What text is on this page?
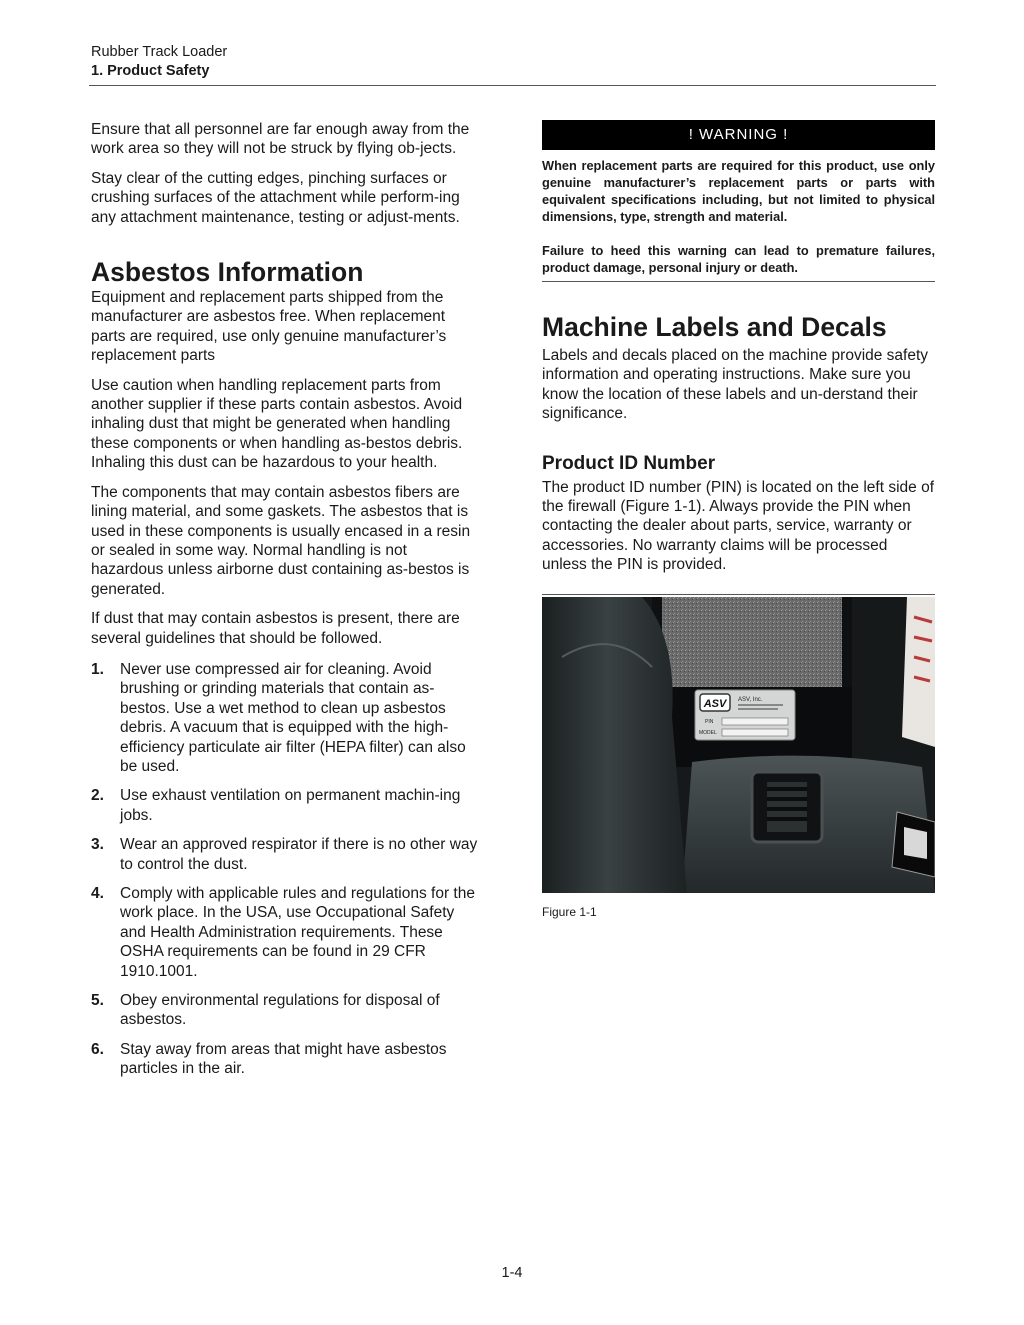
Rubber Track Loader
1. Product Safety

Ensure that all personnel are far enough away from the work area so they will not be struck by flying ob-jects.

Stay clear of the cutting edges, pinching surfaces or crushing surfaces of the attachment while perform-ing any attachment maintenance, testing or adjust-ments.

Asbestos Information

Equipment and replacement parts shipped from the manufacturer are asbestos free. When replacement parts are required, use only genuine manufacturer’s replacement parts

Use caution when handling replacement parts from another supplier if these parts contain asbestos. Avoid inhaling dust that might be generated when handling these components or when handling as-bestos debris. Inhaling this dust can be hazardous to your health.

The components that may contain asbestos fibers are lining material, and some gaskets. The asbestos that is used in these components is usually encased in a resin or sealed in some way. Normal handling is not hazardous unless airborne dust containing as-bestos is generated.

If dust that may contain asbestos is present, there are several guidelines that should be followed.

1.	Never use compressed air for cleaning. Avoid brushing or grinding materials that contain as-bestos. Use a wet method to clean up asbestos debris. A vacuum that is equipped with the high-efficiency particulate air filter (HEPA filter) can also be used.
2.	Use exhaust ventilation on permanent machin-ing jobs.
3.	Wear an approved respirator if there is no other way to control the dust.
4.	Comply with applicable rules and regulations for the work place. In the USA, use Occupational Safety and Health Administration requirements. These OSHA requirements can be found in 29 CFR 1910.1001.
5.	Obey environmental regulations for disposal of asbestos.
6.	Stay away from areas that might have asbestos particles in the air.
! WARNING !

When replacement parts are required for this product, use only genuine manufacturer’s replacement parts or parts with equivalent specifications including, but not limited to physical dimensions, type, strength and material.

Failure to heed this warning can lead to premature failures, product damage, personal injury or death.

Machine Labels and Decals

Labels and decals placed on the machine provide safety information and operating instructions. Make sure you know the location of these labels and un-derstand their significance.

Product ID Number

The product ID number (PIN) is located on the left side of the firewall (Figure 1-1). Always provide the PIN when contacting the dealer about parts, service, warranty or accessories. No warranty claims will be processed unless the PIN is provided.

ASV ASV, Inc.
PIN
MODEL
Figure 1-1
1-4
